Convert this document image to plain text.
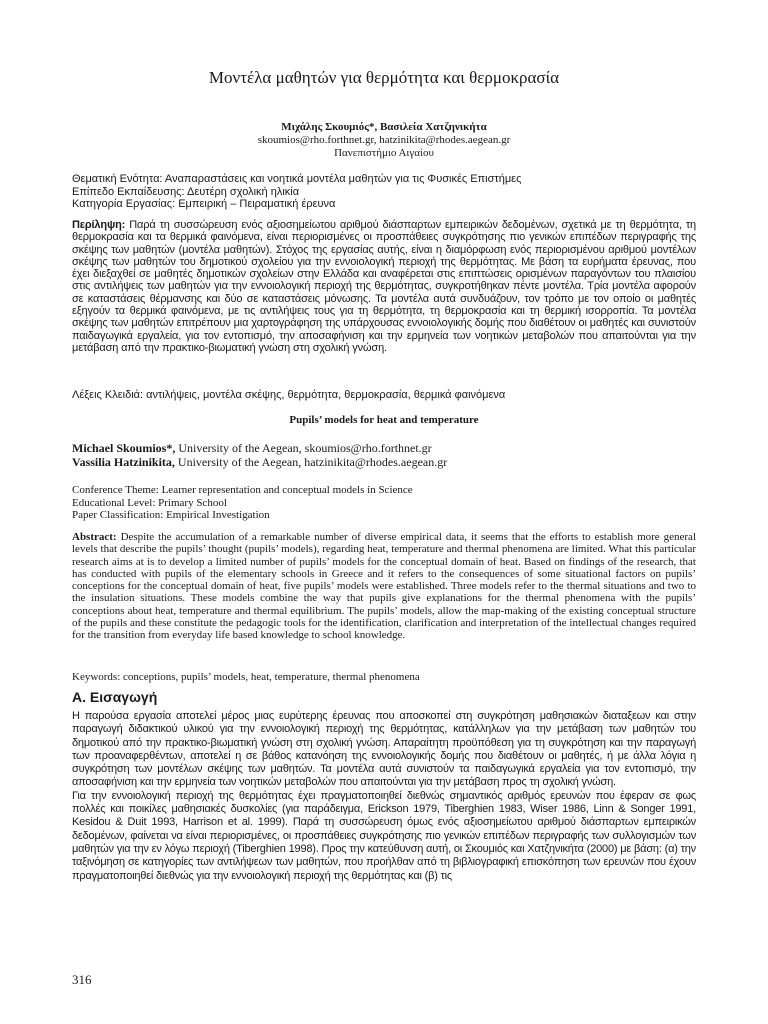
Μοντέλα μαθητών για θερμότητα και θερμοκρασία
Μιχάλης Σκουμιός*, Βασιλεία Χατζηνικήτα
skoumios@rho.forthnet.gr, hatzinikita@rhodes.aegean.gr
Πανεπιστήμιο Αιγαίου
Θεματική Ενότητα: Αναπαραστάσεις και νοητικά μοντέλα μαθητών για τις Φυσικές Επιστήμες
Επίπεδο Εκπαίδευσης: Δευτέρη σχολική ηλικία
Κατηγορία Εργασίας: Εμπειρική – Πειραματική έρευνα
Περίληψη: Παρά τη συσσώρευση ενός αξιοσημείωτου αριθμού διάσπαρτων εμπειρικών δεδομένων, σχετικά με τη θερμότητα, τη θερμοκρασία και τα θερμικά φαινόμενα, είναι περιορισμένες οι προσπάθειες συγκρότησης πιο γενικών επιπέδων περιγραφής της σκέψης των μαθητών (μοντέλα μαθητών). Στόχος της εργασίας αυτής, είναι η διαμόρφωση ενός περιορισμένου αριθμού μοντέλων σκέψης των μαθητών του δημοτικού σχολείου για την εννοιολογική περιοχή της θερμότητας. Με βάση τα ευρήματα έρευνας, που έχει διεξαχθεί σε μαθητές δημοτικών σχολείων στην Ελλάδα και αναφέρεται στις επιπτώσεις ορισμένων παραγόντων του πλαισίου στις αντιλήψεις των μαθητών για την εννοιολογική περιοχή της θερμότητας, συγκροτήθηκαν πέντε μοντέλα. Τρία μοντέλα αφορούν σε καταστάσεις θέρμανσης και δύο σε καταστάσεις μόνωσης. Τα μοντέλα αυτά συνδυάζουν, τον τρόπο με τον οποίο οι μαθητές εξηγούν τα θερμικά φαινόμενα, με τις αντιλήψεις τους για τη θερμότητα, τη θερμοκρασία και τη θερμική ισορροπία. Τα μοντέλα σκέψης των μαθητών επιτρέπουν μια χαρτογράφηση της υπάρχουσας εννοιολογικής δομής που διαθέτουν οι μαθητές και συνιστούν παιδαγωγικά εργαλεία, για τον εντοπισμό, την αποσαφήνιση και την ερμηνεία των νοητικών μεταβολών που απαιτούνται για την μετάβαση από την πρακτικο-βιωματική γνώση στη σχολική γνώση.
Λέξεις Κλειδιά: αντιλήψεις, μοντέλα σκέψης, θερμότητα, θερμοκρασία, θερμικά φαινόμενα
Pupils’ models for heat and temperature
Michael Skoumios*, University of the Aegean, skoumios@rho.forthnet.gr
Vassilia Hatzinikita, University of the Aegean, hatzinikita@rhodes.aegean.gr
Conference Theme: Learner representation and conceptual models in Science
Educational Level: Primary School
Paper Classification: Empirical Investigation
Abstract: Despite the accumulation of a remarkable number of diverse empirical data, it seems that the efforts to establish more general levels that describe the pupils’ thought (pupils’ models), regarding heat, temperature and thermal phenomena are limited. What this particular research aims at is to develop a limited number of pupils’ models for the conceptual domain of heat. Based on findings of the research, that has conducted with pupils of the elementary schools in Greece and it refers to the consequences of some situational factors on pupils’ conceptions for the conceptual domain of heat, five pupils’ models were established. Three models refer to the thermal situations and two to the insulation situations. These models combine the way that pupils give explanations for the thermal phenomena with the pupils’ conceptions about heat, temperature and thermal equilibrium. The pupils’ models, allow the map-making of the existing conceptual structure of the pupils and these constitute the pedagogic tools for the identification, clarification and interpretation of the intellectual changes required for the transition from everyday life based knowledge to school knowledge.
Keywords: conceptions, pupils’ models, heat, temperature, thermal phenomena
Α. Εισαγωγή

Η παρούσα εργασία αποτελεί μέρος μιας ευρύτερης έρευνας που αποσκοπεί στη συγκρότηση μαθησιακών διαταξεων και στην παραγωγή διδακτικού υλικού για την εννοιολογική περιοχή της θερμότητας, κατάλληλων για την μετάβαση των μαθητών του δημοτικού από την πρακτικο-βιωματική γνώση στη σχολική γνώση. Απαραίτητη προϋπόθεση για τη συγκρότηση και την παραγωγή των προαναφερθέντων, αποτελεί η σε βάθος κατανόηση της εννοιολογικής δομής που διαθέτουν οι μαθητές, ή με άλλα λόγια η συγκρότηση των μοντέλων σκέψης των μαθητών. Τα μοντέλα αυτά συνιστούν τα παιδαγωγικά εργαλεία για τον εντοπισμό, την αποσαφήνιση και την ερμηνεία των νοητικών μεταβολών που απαιτούνται για την μετάβαση προς τη σχολική γνώση.

Για την εννοιολογική περιοχή της θερμότητας έχει πραγματοποιηθεί διεθνώς σημαντικός αριθμός ερευνών που έφεραν σε φως πολλές και ποικίλες μαθησιακές δυσκολίες (για παράδειγμα, Erickson 1979, Tiberghien 1983, Wiser 1986, Linn & Songer 1991, Kesidou & Duit 1993, Harrison et al. 1999). Παρά τη συσσώρευση όμως ενός αξιοσημείωτου αριθμού διάσπαρτων εμπειρικών δεδομένων, φαίνεται να είναι περιορισμένες, οι προσπάθειες συγκρότησης πιο γενικών επιπέδων περιγραφής των συλλογισμών των μαθητών για την εν λόγω περιοχή (Tiberghien 1998). Προς την κατεύθυνση αυτή, οι Σκουμιός και Χατζηνικήτα (2000) με βάση: (α) την ταξινόμηση σε κατηγορίες των αντιλήψεων των μαθητών, που προήλθαν από τη βιβλιογραφική επισκόπηση των ερευνών που έχουν πραγματοποιηθεί διεθνώς για την εννοιολογική περιοχή της θερμότητας και (β) τις

316
